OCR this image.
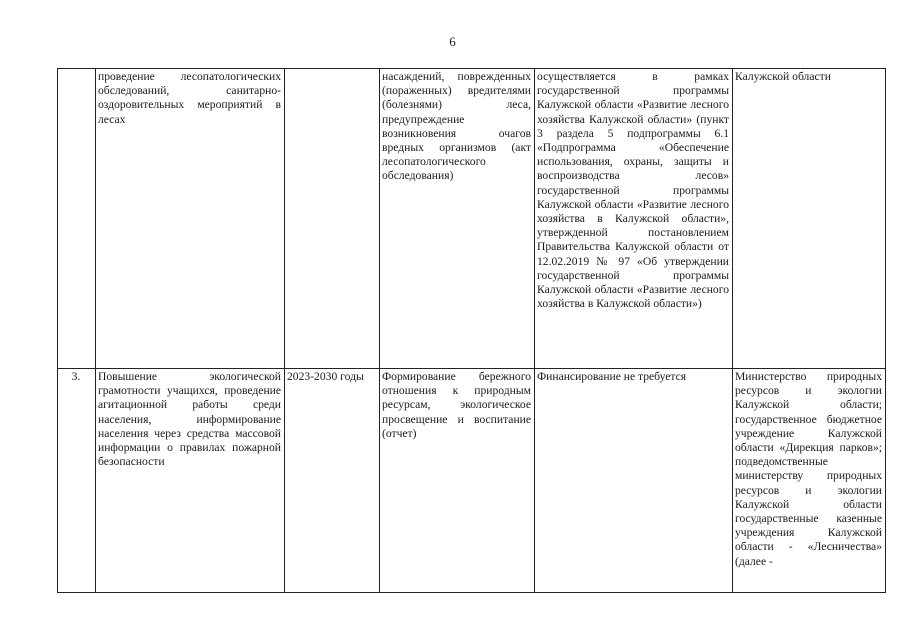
6
	проведение лесопатологических обследований, санитарно-оздоровительных мероприятий в лесах		насаждений, поврежденных (пораженных) вредителями (болезнями) леса, предупреждение возникновения очагов вредных организмов (акт лесопатологического обследования)	осуществляется в рамках государственной программы Калужской области «Развитие лесного хозяйства Калужской области» (пункт 3 раздела 5 подпрограммы 6.1 «Подпрограмма «Обеспечение использования, охраны, защиты и воспроизводства лесов» государственной программы Калужской области «Развитие лесного хозяйства в Калужской области», утвержденной постановлением Правительства Калужской области от 12.02.2019 № 97 «Об утверждении государственной программы Калужской области «Развитие лесного хозяйства в Калужской области»)	Калужской области
3.	Повышение экологической грамотности учащихся, проведение агитационной работы среди населения, информирование населения через средства массовой информации о правилах пожарной безопасности	2023-2030 годы	Формирование бережного отношения к природным ресурсам, экологическое просвещение и воспитание (отчет)	Финансирование не требуется	Министерство природных ресурсов и экологии Калужской области; государственное бюджетное учреждение Калужской области «Дирекция парков»; подведомственные министерству природных ресурсов и экологии Калужской области государственные казенные учреждения Калужской области - «Лесничества» (далее -
